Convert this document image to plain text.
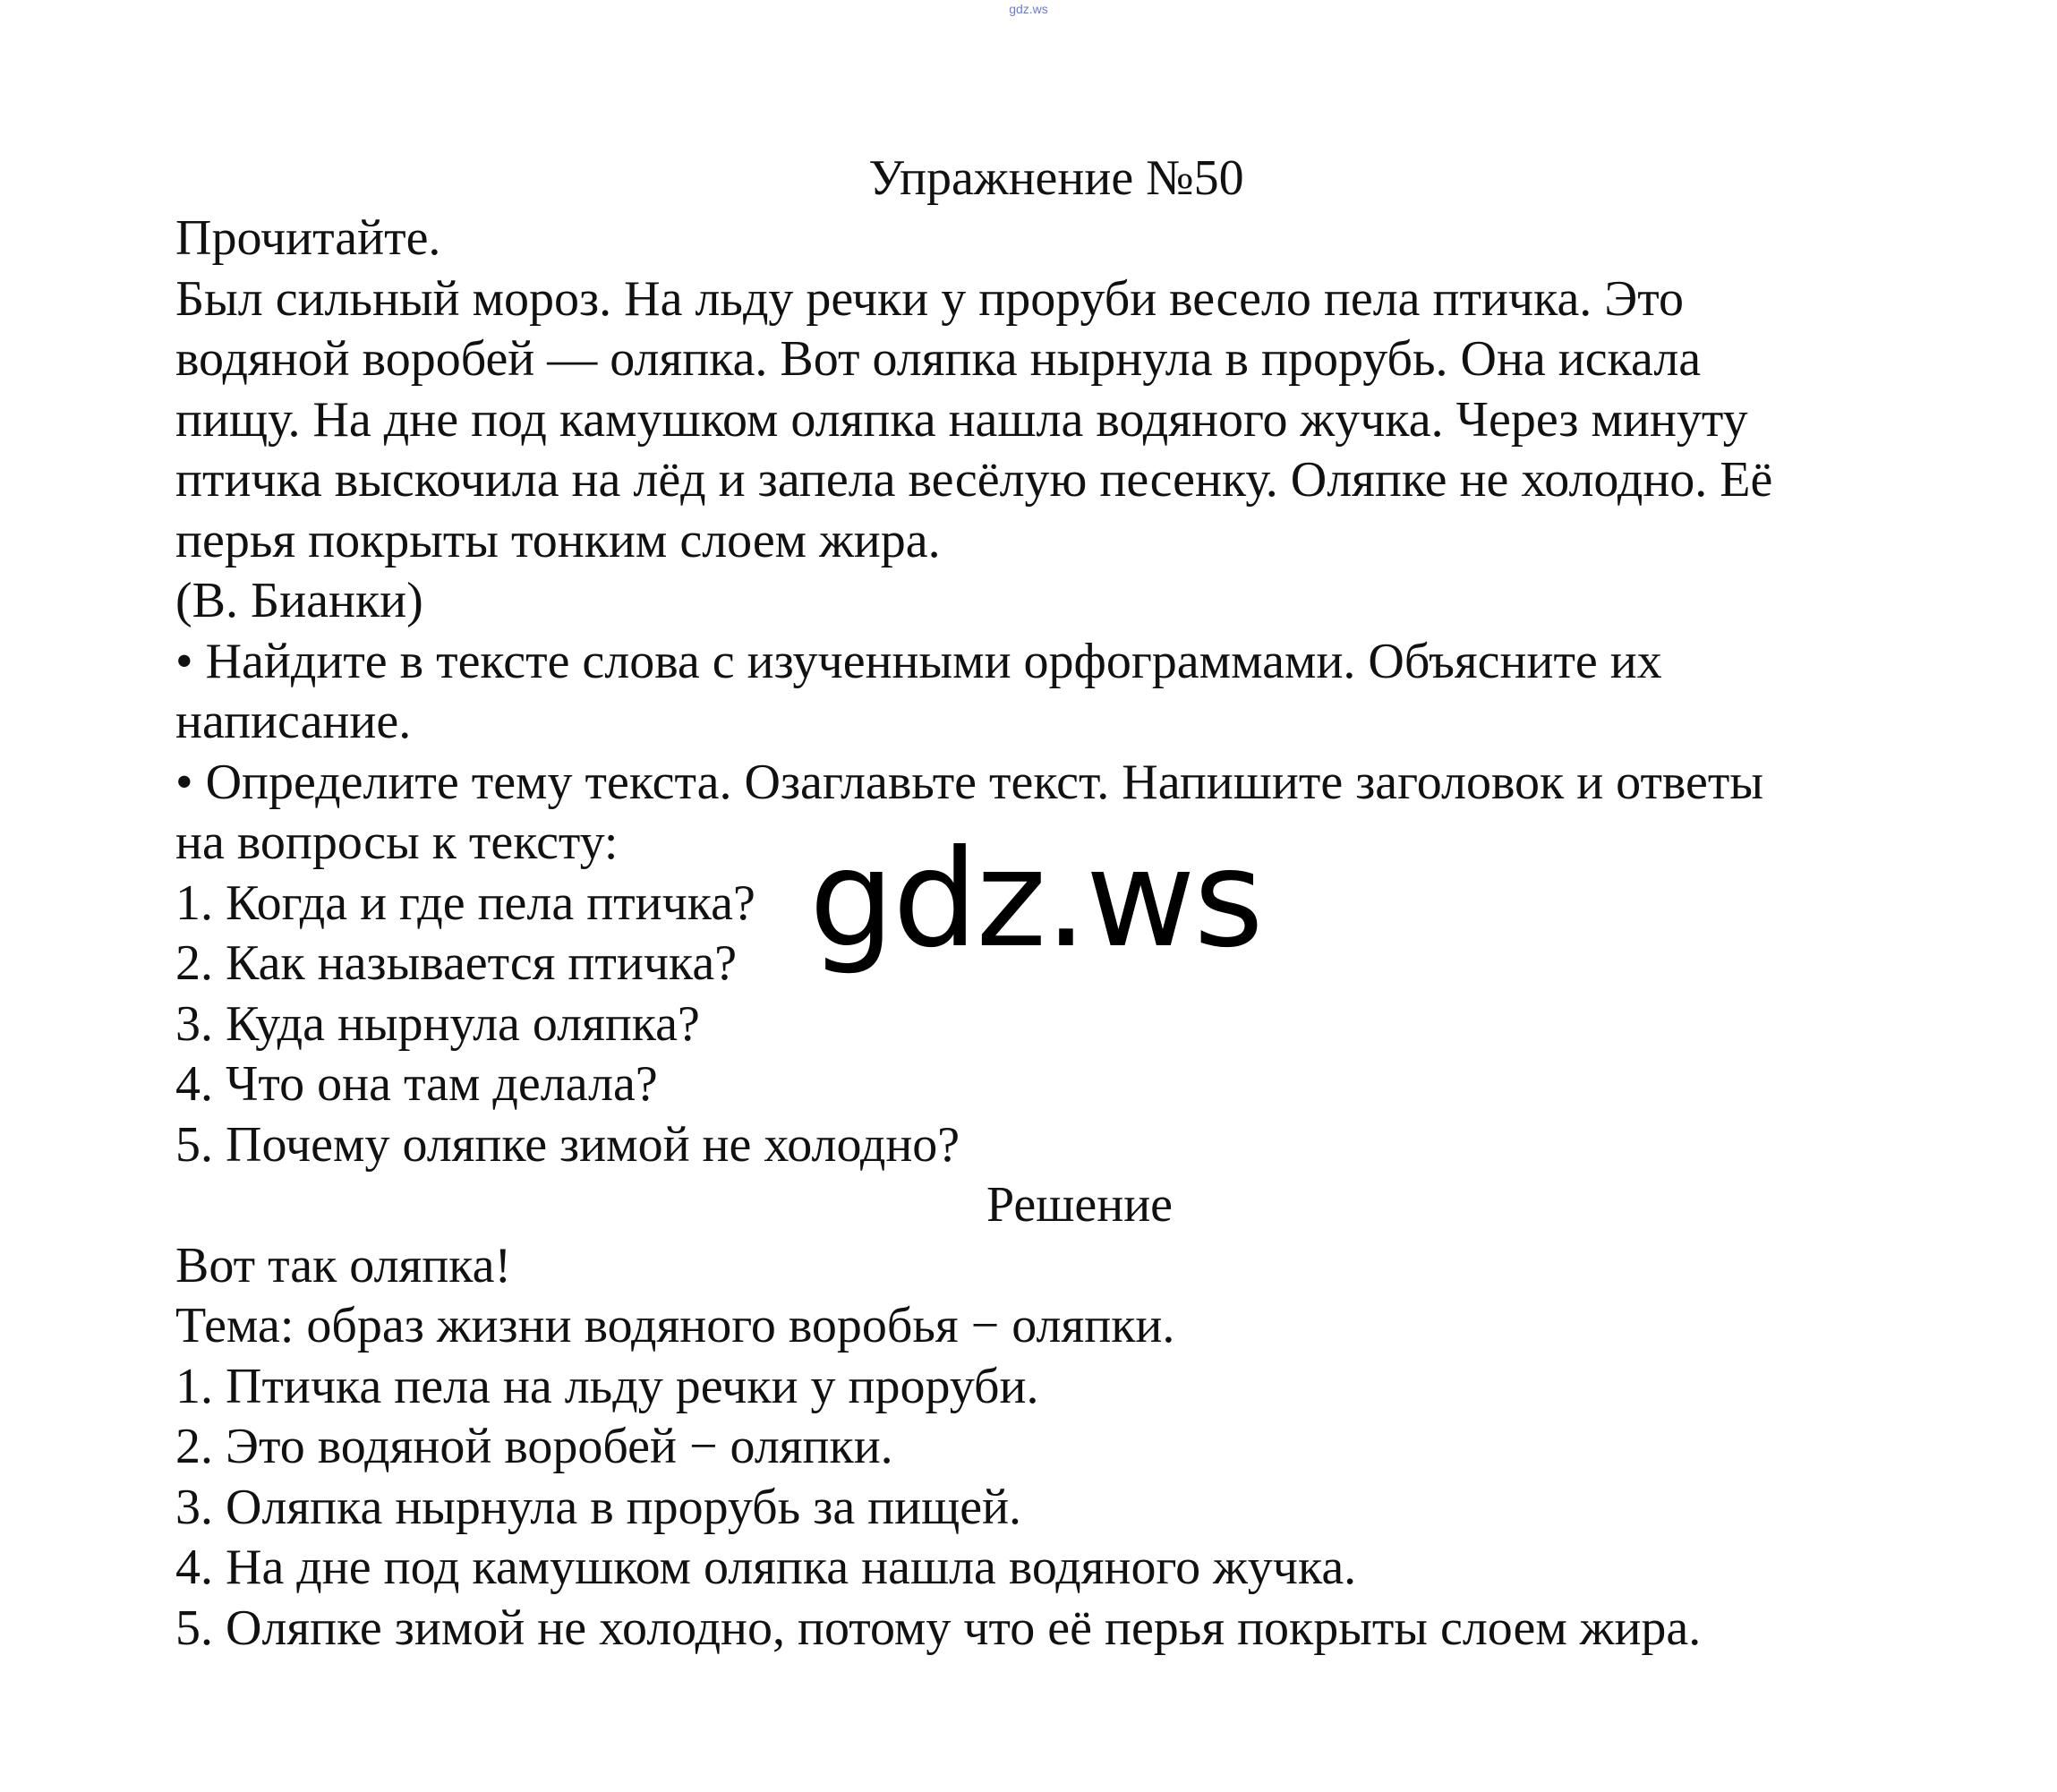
gdz.ws
Упражнение №50
Прочитайте.
Был сильный мороз. На льду речки у проруби весело пела птичка. Это
водяной воробей — оляпка. Вот оляпка нырнула в прорубь. Она искала
пищу. На дне под камушком оляпка нашла водяного жучка. Через минуту
птичка выскочила на лёд и запела весёлую песенку. Оляпке не холодно. Её
перья покрыты тонким слоем жира.
(В. Бианки)
• Найдите в тексте слова с изученными орфограммами. Объясните их
написание.
• Определите тему текста. Озаглавьте текст. Напишите заголовок и ответы
на вопросы к тексту:
1. Когда и где пела птичка?
2. Как называется птичка?
3. Куда нырнула оляпка?
4. Что она там делала?
5. Почему оляпке зимой не холодно?
Решение
Вот так оляпка!
Тема: образ жизни водяного воробья − оляпки.
1. Птичка пела на льду речки у проруби.
2. Это водяной воробей − оляпки.
3. Оляпка нырнула в прорубь за пищей.
4. На дне под камушком оляпка нашла водяного жучка.
5. Оляпке зимой не холодно, потому что её перья покрыты слоем жира.
gdz.ws
